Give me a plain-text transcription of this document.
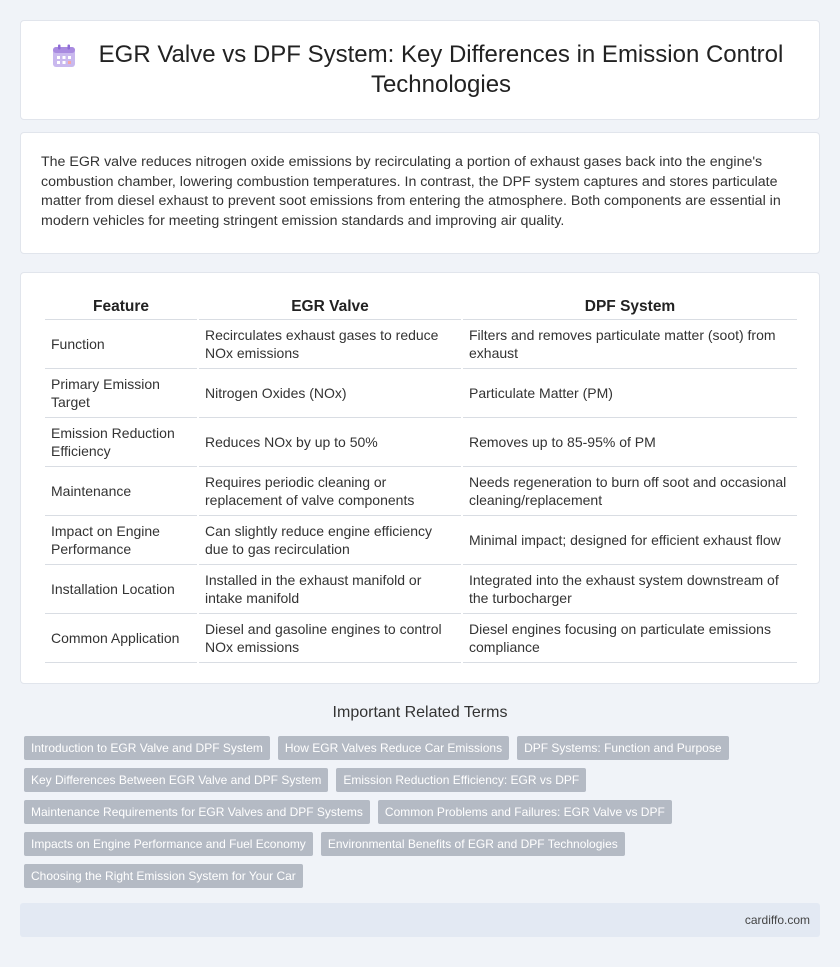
EGR Valve vs DPF System: Key Differences in Emission Control Technologies

The EGR valve reduces nitrogen oxide emissions by recirculating a portion of exhaust gases back into the engine's combustion chamber, lowering combustion temperatures. In contrast, the DPF system captures and stores particulate matter from diesel exhaust to prevent soot emissions from entering the atmosphere. Both components are essential in modern vehicles for meeting stringent emission standards and improving air quality.

Feature	EGR Valve	DPF System
Function	Recirculates exhaust gases to reduce NOx emissions	Filters and removes particulate matter (soot) from exhaust
Primary Emission Target	Nitrogen Oxides (NOx)	Particulate Matter (PM)
Emission Reduction Efficiency	Reduces NOx by up to 50%	Removes up to 85-95% of PM
Maintenance	Requires periodic cleaning or replacement of valve components	Needs regeneration to burn off soot and occasional cleaning/replacement
Impact on Engine Performance	Can slightly reduce engine efficiency due to gas recirculation	Minimal impact; designed for efficient exhaust flow
Installation Location	Installed in the exhaust manifold or intake manifold	Integrated into the exhaust system downstream of the turbocharger
Common Application	Diesel and gasoline engines to control NOx emissions	Diesel engines focusing on particulate emissions compliance
Important Related Terms
Introduction to EGR Valve and DPF System	How EGR Valves Reduce Car Emissions	DPF Systems: Function and Purpose
Key Differences Between EGR Valve and DPF System	Emission Reduction Efficiency: EGR vs DPF
Maintenance Requirements for EGR Valves and DPF Systems	Common Problems and Failures: EGR Valve vs DPF
Impacts on Engine Performance and Fuel Economy	Environmental Benefits of EGR and DPF Technologies
Choosing the Right Emission System for Your Car
cardiffo.com
